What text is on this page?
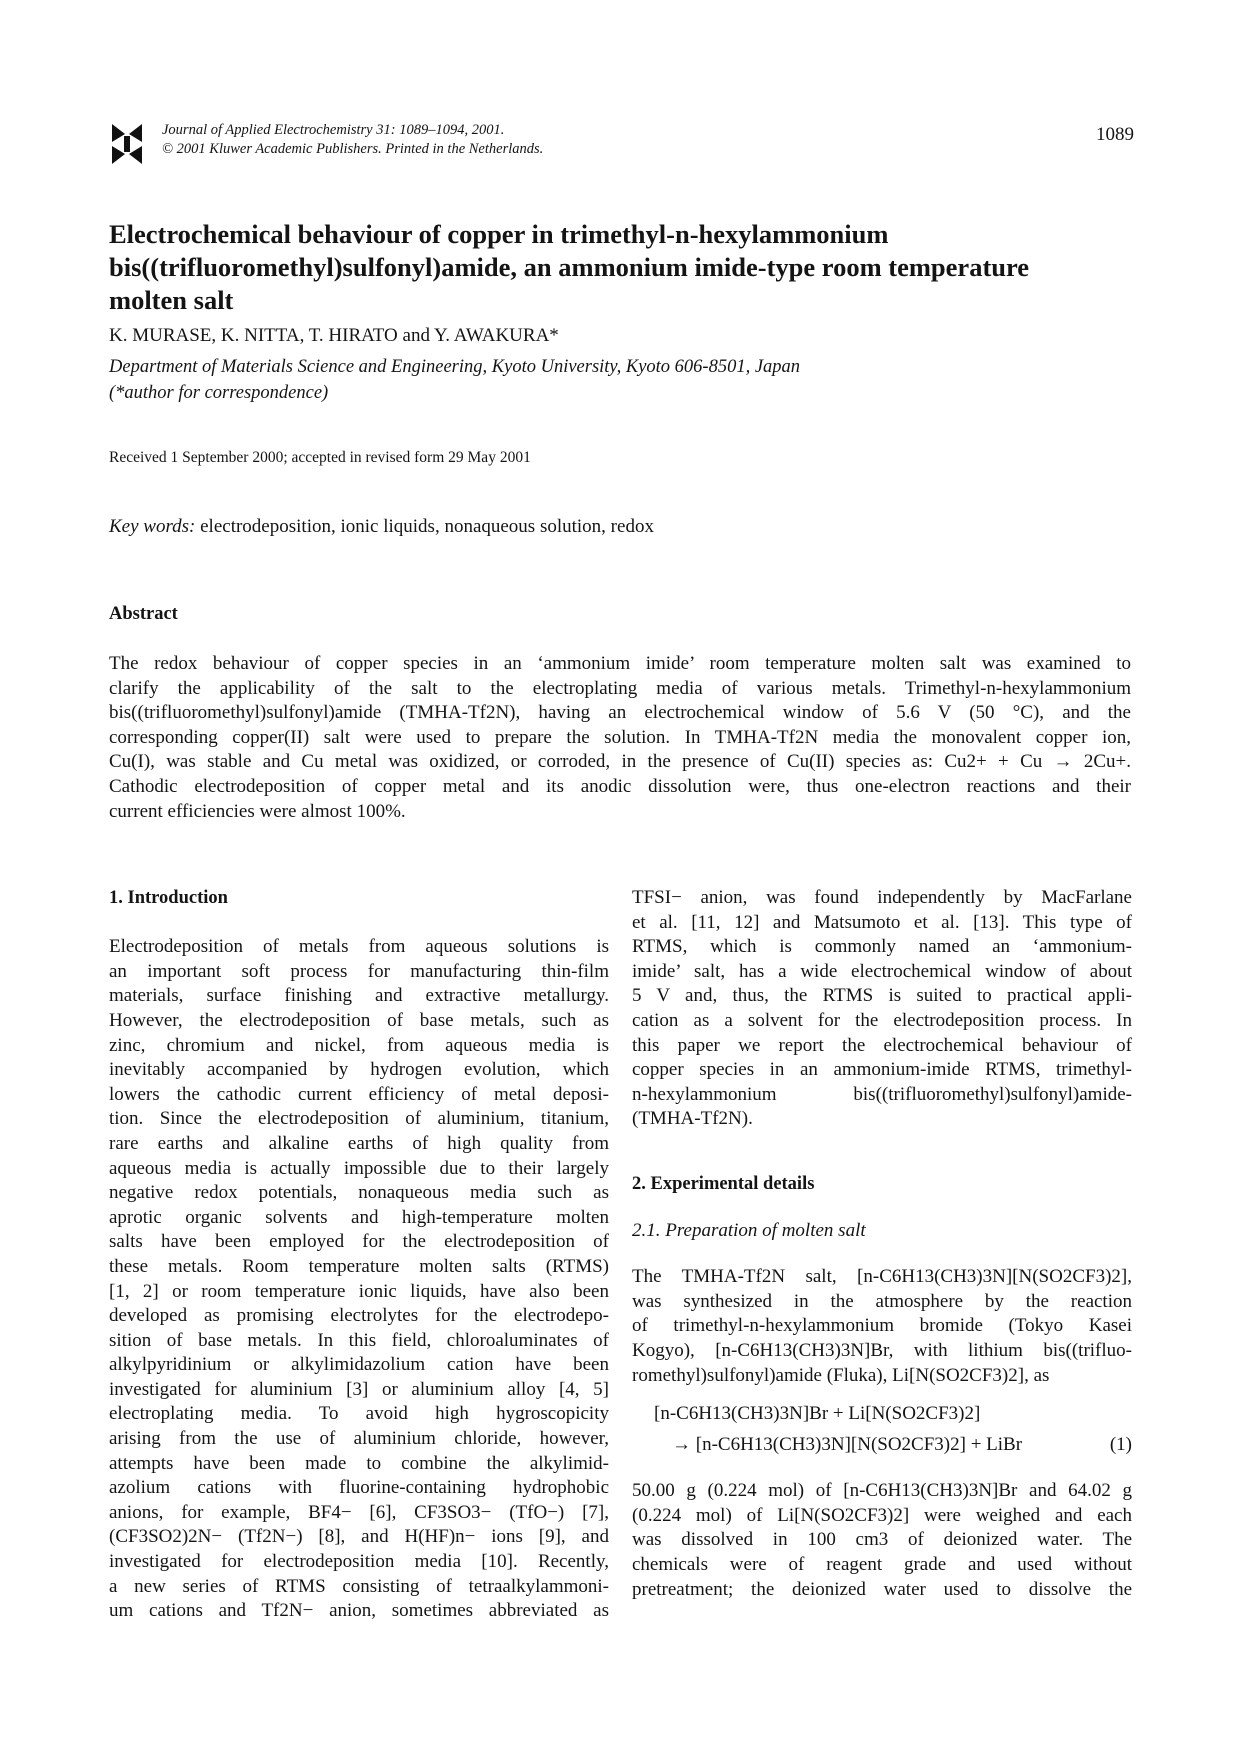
Journal of Applied Electrochemistry 31: 1089–1094, 2001.
© 2001 Kluwer Academic Publishers. Printed in the Netherlands.
1089
Electrochemical behaviour of copper in trimethyl-n-hexylammonium
bis((trifluoromethyl)sulfonyl)amide, an ammonium imide-type room temperature
molten salt
K. MURASE, K. NITTA, T. HIRATO and Y. AWAKURA*
Department of Materials Science and Engineering, Kyoto University, Kyoto 606-8501, Japan
(*author for correspondence)
Received 1 September 2000; accepted in revised form 29 May 2001
Key words: electrodeposition, ionic liquids, nonaqueous solution, redox
Abstract
The redox behaviour of copper species in an ‘ammonium imide’ room temperature molten salt was examined to
clarify the applicability of the salt to the electroplating media of various metals. Trimethyl-n-hexylammonium
bis((trifluoromethyl)sulfonyl)amide (TMHA-Tf2N), having an electrochemical window of 5.6 V (50 °C), and the
corresponding copper(II) salt were used to prepare the solution. In TMHA-Tf2N media the monovalent copper ion,
Cu(I), was stable and Cu metal was oxidized, or corroded, in the presence of Cu(II) species as: Cu2+ + Cu → 2Cu+.
Cathodic electrodeposition of copper metal and its anodic dissolution were, thus one-electron reactions and their
current efficiencies were almost 100%.
1. Introduction
Electrodeposition of metals from aqueous solutions is
an important soft process for manufacturing thin-film
materials, surface finishing and extractive metallurgy.
However, the electrodeposition of base metals, such as
zinc, chromium and nickel, from aqueous media is
inevitably accompanied by hydrogen evolution, which
lowers the cathodic current efficiency of metal deposi-
tion. Since the electrodeposition of aluminium, titanium,
rare earths and alkaline earths of high quality from
aqueous media is actually impossible due to their largely
negative redox potentials, nonaqueous media such as
aprotic organic solvents and high-temperature molten
salts have been employed for the electrodeposition of
these metals. Room temperature molten salts (RTMS)
[1, 2] or room temperature ionic liquids, have also been
developed as promising electrolytes for the electrodepo-
sition of base metals. In this field, chloroaluminates of
alkylpyridinium or alkylimidazolium cation have been
investigated for aluminium [3] or aluminium alloy [4, 5]
electroplating media. To avoid high hygroscopicity
arising from the use of aluminium chloride, however,
attempts have been made to combine the alkylimid-
azolium cations with fluorine-containing hydrophobic
anions, for example, BF4− [6], CF3SO3− (TfO−) [7],
(CF3SO2)2N− (Tf2N−) [8], and H(HF)n− ions [9], and
investigated for electrodeposition media [10]. Recently,
a new series of RTMS consisting of tetraalkylammoni-
um cations and Tf2N− anion, sometimes abbreviated as
TFSI− anion, was found independently by MacFarlane
et al. [11, 12] and Matsumoto et al. [13]. This type of
RTMS, which is commonly named an ‘ammonium-
imide’ salt, has a wide electrochemical window of about
5 V and, thus, the RTMS is suited to practical appli-
cation as a solvent for the electrodeposition process. In
this paper we report the electrochemical behaviour of
copper species in an ammonium-imide RTMS, trimethyl-
n-hexylammonium bis((trifluoromethyl)sulfonyl)amide-
(TMHA-Tf2N).
2. Experimental details
2.1. Preparation of molten salt
The TMHA-Tf2N salt, [n-C6H13(CH3)3N][N(SO2CF3)2],
was synthesized in the atmosphere by the reaction
of trimethyl-n-hexylammonium bromide (Tokyo Kasei
Kogyo), [n-C6H13(CH3)3N]Br, with lithium bis((trifluo-
romethyl)sulfonyl)amide (Fluka), Li[N(SO2CF3)2], as
[n-C6H13(CH3)3N]Br + Li[N(SO2CF3)2]
→ [n-C6H13(CH3)3N][N(SO2CF3)2] + LiBr	(1)
50.00 g (0.224 mol) of [n-C6H13(CH3)3N]Br and 64.02 g
(0.224 mol) of Li[N(SO2CF3)2] were weighed and each
was dissolved in 100 cm3 of deionized water. The
chemicals were of reagent grade and used without
pretreatment; the deionized water used to dissolve the
